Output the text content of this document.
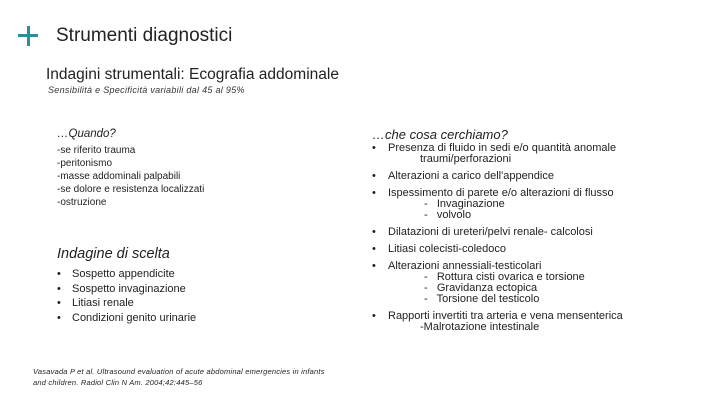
Strumenti diagnostici
Indagini strumentali: Ecografia addominale
Sensibilità e Specificità variabili dal 45 al 95%
…Quando?
-se riferito trauma
-peritonismo
-masse addominali palpabili
-se dolore e resistenza localizzati
-ostruzione
Indagine di scelta
• Sospetto appendicite
• Sospetto invaginazione
• Litiasi renale
• Condizioni genito urinarie
Vasavada P et al. Ultrasound evaluation of acute abdominal emergencies in infants and children. Radiol Clin N Am. 2004;42:445–56
…che cosa cerchiamo?
• Presenza di fluido in sedi e/o quantità anomale
traumi/perforazioni
• Alterazioni a carico dell'appendice
• Ispessimento di parete e/o alterazioni di flusso
- Invaginazione
- volvolo
• Dilatazioni di ureteri/pelvi renale- calcolosi
• Litiasi colecisti-coledoco
• Alterazioni annessiali-testicolari
- Rottura cisti ovarica e torsione
- Gravidanza ectopica
- Torsione del testicolo
• Rapporti invertiti tra arteria e vena mensenterica
-Malrotazione intestinale
